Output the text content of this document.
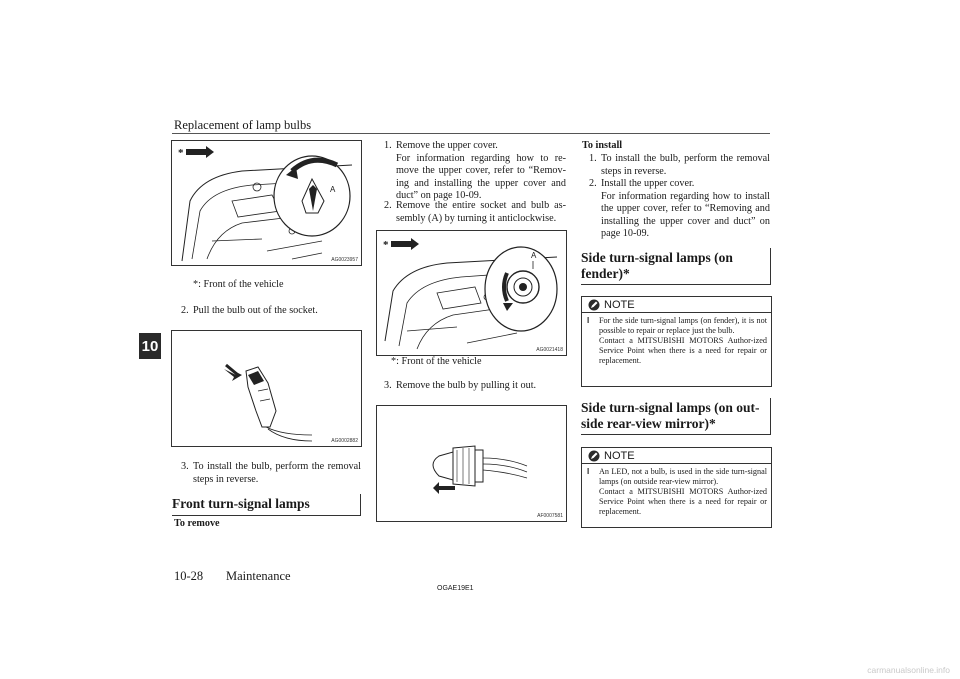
Replacement of lamp bulbs
10
*
A
AG0023957
*: Front of the vehicle
2. Pull the bulb out of the socket.
AG0002882
3. To install the bulb, perform the removal steps in reverse.
Front turn-signal lamps
To remove
1. Remove the upper cover.
For information regarding how to re-move the upper cover, refer to “Remov-ing and installing the upper cover and duct” on page 10-09.
2. Remove the entire socket and bulb as-sembly (A) by turning it anticlockwise.
*
A
AG0021418
*: Front of the vehicle
3. Remove the bulb by pulling it out.
AF0007581
To install
1. To install the bulb, perform the removal steps in reverse.
2. Install the upper cover.
For information regarding how to install the upper cover, refer to “Removing and installing the upper cover and duct” on page 10-09.
Side turn-signal lamps (on fender)*
NOTE
l For the side turn-signal lamps (on fender), it is not possible to repair or replace just the bulb.
Contact a MITSUBISHI MOTORS Author-ized Service Point when there is a need for repair or replacement.
Side turn-signal lamps (on out-side rear-view mirror)*
NOTE
l An LED, not a bulb, is used in the side turn-signal lamps (on outside rear-view mirror).
Contact a MITSUBISHI MOTORS Author-ized Service Point when there is a need for repair or replacement.
10-28 Maintenance
OGAE19E1
carmanualsonline.info
